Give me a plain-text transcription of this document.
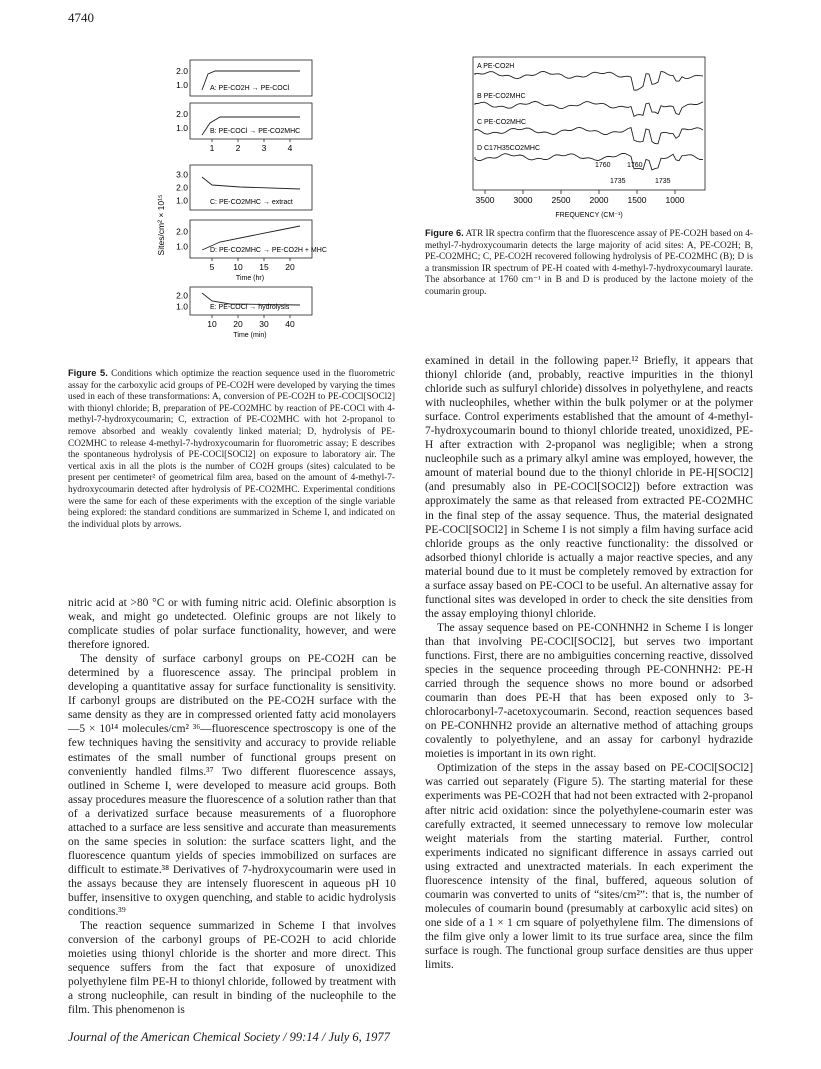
4740
Sites/cm² × 10¹⁵
2.0
1.0	A: PE-CO2H → PE-COCl
2.0
1.0	B: PE-COCl → PE-CO2MHC
1	2	3	4
3.0
2.0
1.0	C: PE-CO2MHC → extract
2.0
1.0	D: PE-CO2MHC → PE-CO2H + MHC
5 10 15 20
Time (hr)
2.0
1.0	E: PE-COCl → hydrolysis
10 20 30 40
Time (min)
Figure 5. Conditions which optimize the reaction sequence used in the fluorometric assay for the carboxylic acid groups of PE-CO2H were developed by varying the times used in each of these transformations: A, conversion of PE-CO2H to PE-COCl[SOCl2] with thionyl chloride; B, preparation of PE-CO2MHC by reaction of PE-COCl with 4-methyl-7-hydroxycoumarin; C, extraction of PE-CO2MHC with hot 2-propanol to remove absorbed and weakly covalently linked material; D, hydrolysis of PE-CO2MHC to release 4-methyl-7-hydroxycoumarin for fluorometric assay; E describes the spontaneous hydrolysis of PE-COCl[SOCl2] on exposure to laboratory air. The vertical axis in all the plots is the number of CO2H groups (sites) calculated to be present per centimeter² of geometrical film area, based on the amount of 4-methyl-7-hydroxycoumarin detected after hydrolysis of PE-CO2MHC. Experimental conditions were the same for each of these experiments with the exception of the single variable being explored: the standard conditions are summarized in Scheme I, and indicated on the individual plots by arrows.
A PE-CO2H
B PE-CO2MHC
C PE-CO2MHC
D C17H35CO2MHC
1760
1735
1760
1735
3500 3000 2500 2000 1500 1000
FREQUENCY (CM⁻¹)
Figure 6. ATR IR spectra confirm that the fluorescence assay of PE-CO2H based on 4-methyl-7-hydroxycoumarin detects the large majority of acid sites: A, PE-CO2H; B, PE-CO2MHC; C, PE-CO2H recovered following hydrolysis of PE-CO2MHC (B); D is a transmission IR spectrum of PE-H coated with 4-methyl-7-hydroxycoumaryl laurate. The absorbance at 1760 cm⁻¹ in B and D is produced by the lactone moiety of the coumarin group.

nitric acid at >80 °C or with fuming nitric acid. Olefinic absorption is weak, and might go undetected. Olefinic groups are not likely to complicate studies of polar surface functionality, however, and were therefore ignored.

The density of surface carbonyl groups on PE-CO2H can be determined by a fluorescence assay. The principal problem in developing a quantitative assay for surface functionality is sensitivity. If carbonyl groups are distributed on the PE-CO2H surface with the same density as they are in compressed oriented fatty acid monolayers—5 × 10¹⁴ molecules/cm² ³⁶—fluorescence spectroscopy is one of the few techniques having the sensitivity and accuracy to provide reliable estimates of the small number of functional groups present on conveniently handled films.³⁷ Two different fluorescence assays, outlined in Scheme I, were developed to measure acid groups. Both assay procedures measure the fluorescence of a solution rather than that of a derivatized surface because measurements of a fluorophore attached to a surface are less sensitive and accurate than measurements on the same species in solution: the surface scatters light, and the fluorescence quantum yields of species immobilized on surfaces are difficult to estimate.³⁸ Derivatives of 7-hydroxycoumarin were used in the assays because they are intensely fluorescent in aqueous pH 10 buffer, insensitive to oxygen quenching, and stable to acidic hydrolysis conditions.³⁹

The reaction sequence summarized in Scheme I that involves conversion of the carbonyl groups of PE-CO2H to acid chloride moieties using thionyl chloride is the shorter and more direct. This sequence suffers from the fact that exposure of unoxidized polyethylene film PE-H to thionyl chloride, followed by treatment with a strong nucleophile, can result in binding of the nucleophile to the film. This phenomenon is

examined in detail in the following paper.¹² Briefly, it appears that thionyl chloride (and, probably, reactive impurities in the thionyl chloride such as sulfuryl chloride) dissolves in polyethylene, and reacts with nucleophiles, whether within the bulk polymer or at the polymer surface. Control experiments established that the amount of 4-methyl-7-hydroxycoumarin bound to thionyl chloride treated, unoxidized, PE-H after extraction with 2-propanol was negligible; when a strong nucleophile such as a primary alkyl amine was employed, however, the amount of material bound due to the thionyl chloride in PE-H[SOCl2] (and presumably also in PE-COCl[SOCl2]) before extraction was approximately the same as that released from extracted PE-CO2MHC in the final step of the assay sequence. Thus, the material designated PE-COCl[SOCl2] in Scheme I is not simply a film having surface acid chloride groups as the only reactive functionality: the dissolved or adsorbed thionyl chloride is actually a major reactive species, and any material bound due to it must be completely removed by extraction for a surface assay based on PE-COCl to be useful. An alternative assay for functional sites was developed in order to check the site densities from the assay employing thionyl chloride.

The assay sequence based on PE-CONHNH2 in Scheme I is longer than that involving PE-COCl[SOCl2], but serves two important functions. First, there are no ambiguities concerning reactive, dissolved species in the sequence proceeding through PE-CONHNH2: PE-H carried through the sequence shows no more bound or adsorbed coumarin than does PE-H that has been exposed only to 3-chlorocarbonyl-7-acetoxycoumarin. Second, reaction sequences based on PE-CONHNH2 provide an alternative method of attaching groups covalently to polyethylene, and an assay for carbonyl hydrazide moieties is important in its own right.

Optimization of the steps in the assay based on PE-COCl[SOCl2] was carried out separately (Figure 5). The starting material for these experiments was PE-CO2H that had not been extracted with 2-propanol after nitric acid oxidation: since the polyethylene-coumarin ester was carefully extracted, it seemed unnecessary to remove low molecular weight materials from the starting material. Further, control experiments indicated no significant difference in assays carried out using extracted and unextracted materials. In each experiment the fluorescence intensity of the final, buffered, aqueous solution of coumarin was converted to units of “sites/cm²”: that is, the number of molecules of coumarin bound (presumably at carboxylic acid sites) on one side of a 1 × 1 cm square of polyethylene film. The dimensions of the film give only a lower limit to its true surface area, since the film surface is rough. The functional group surface densities are thus upper limits.

Journal of the American Chemical Society / 99:14 / July 6, 1977
